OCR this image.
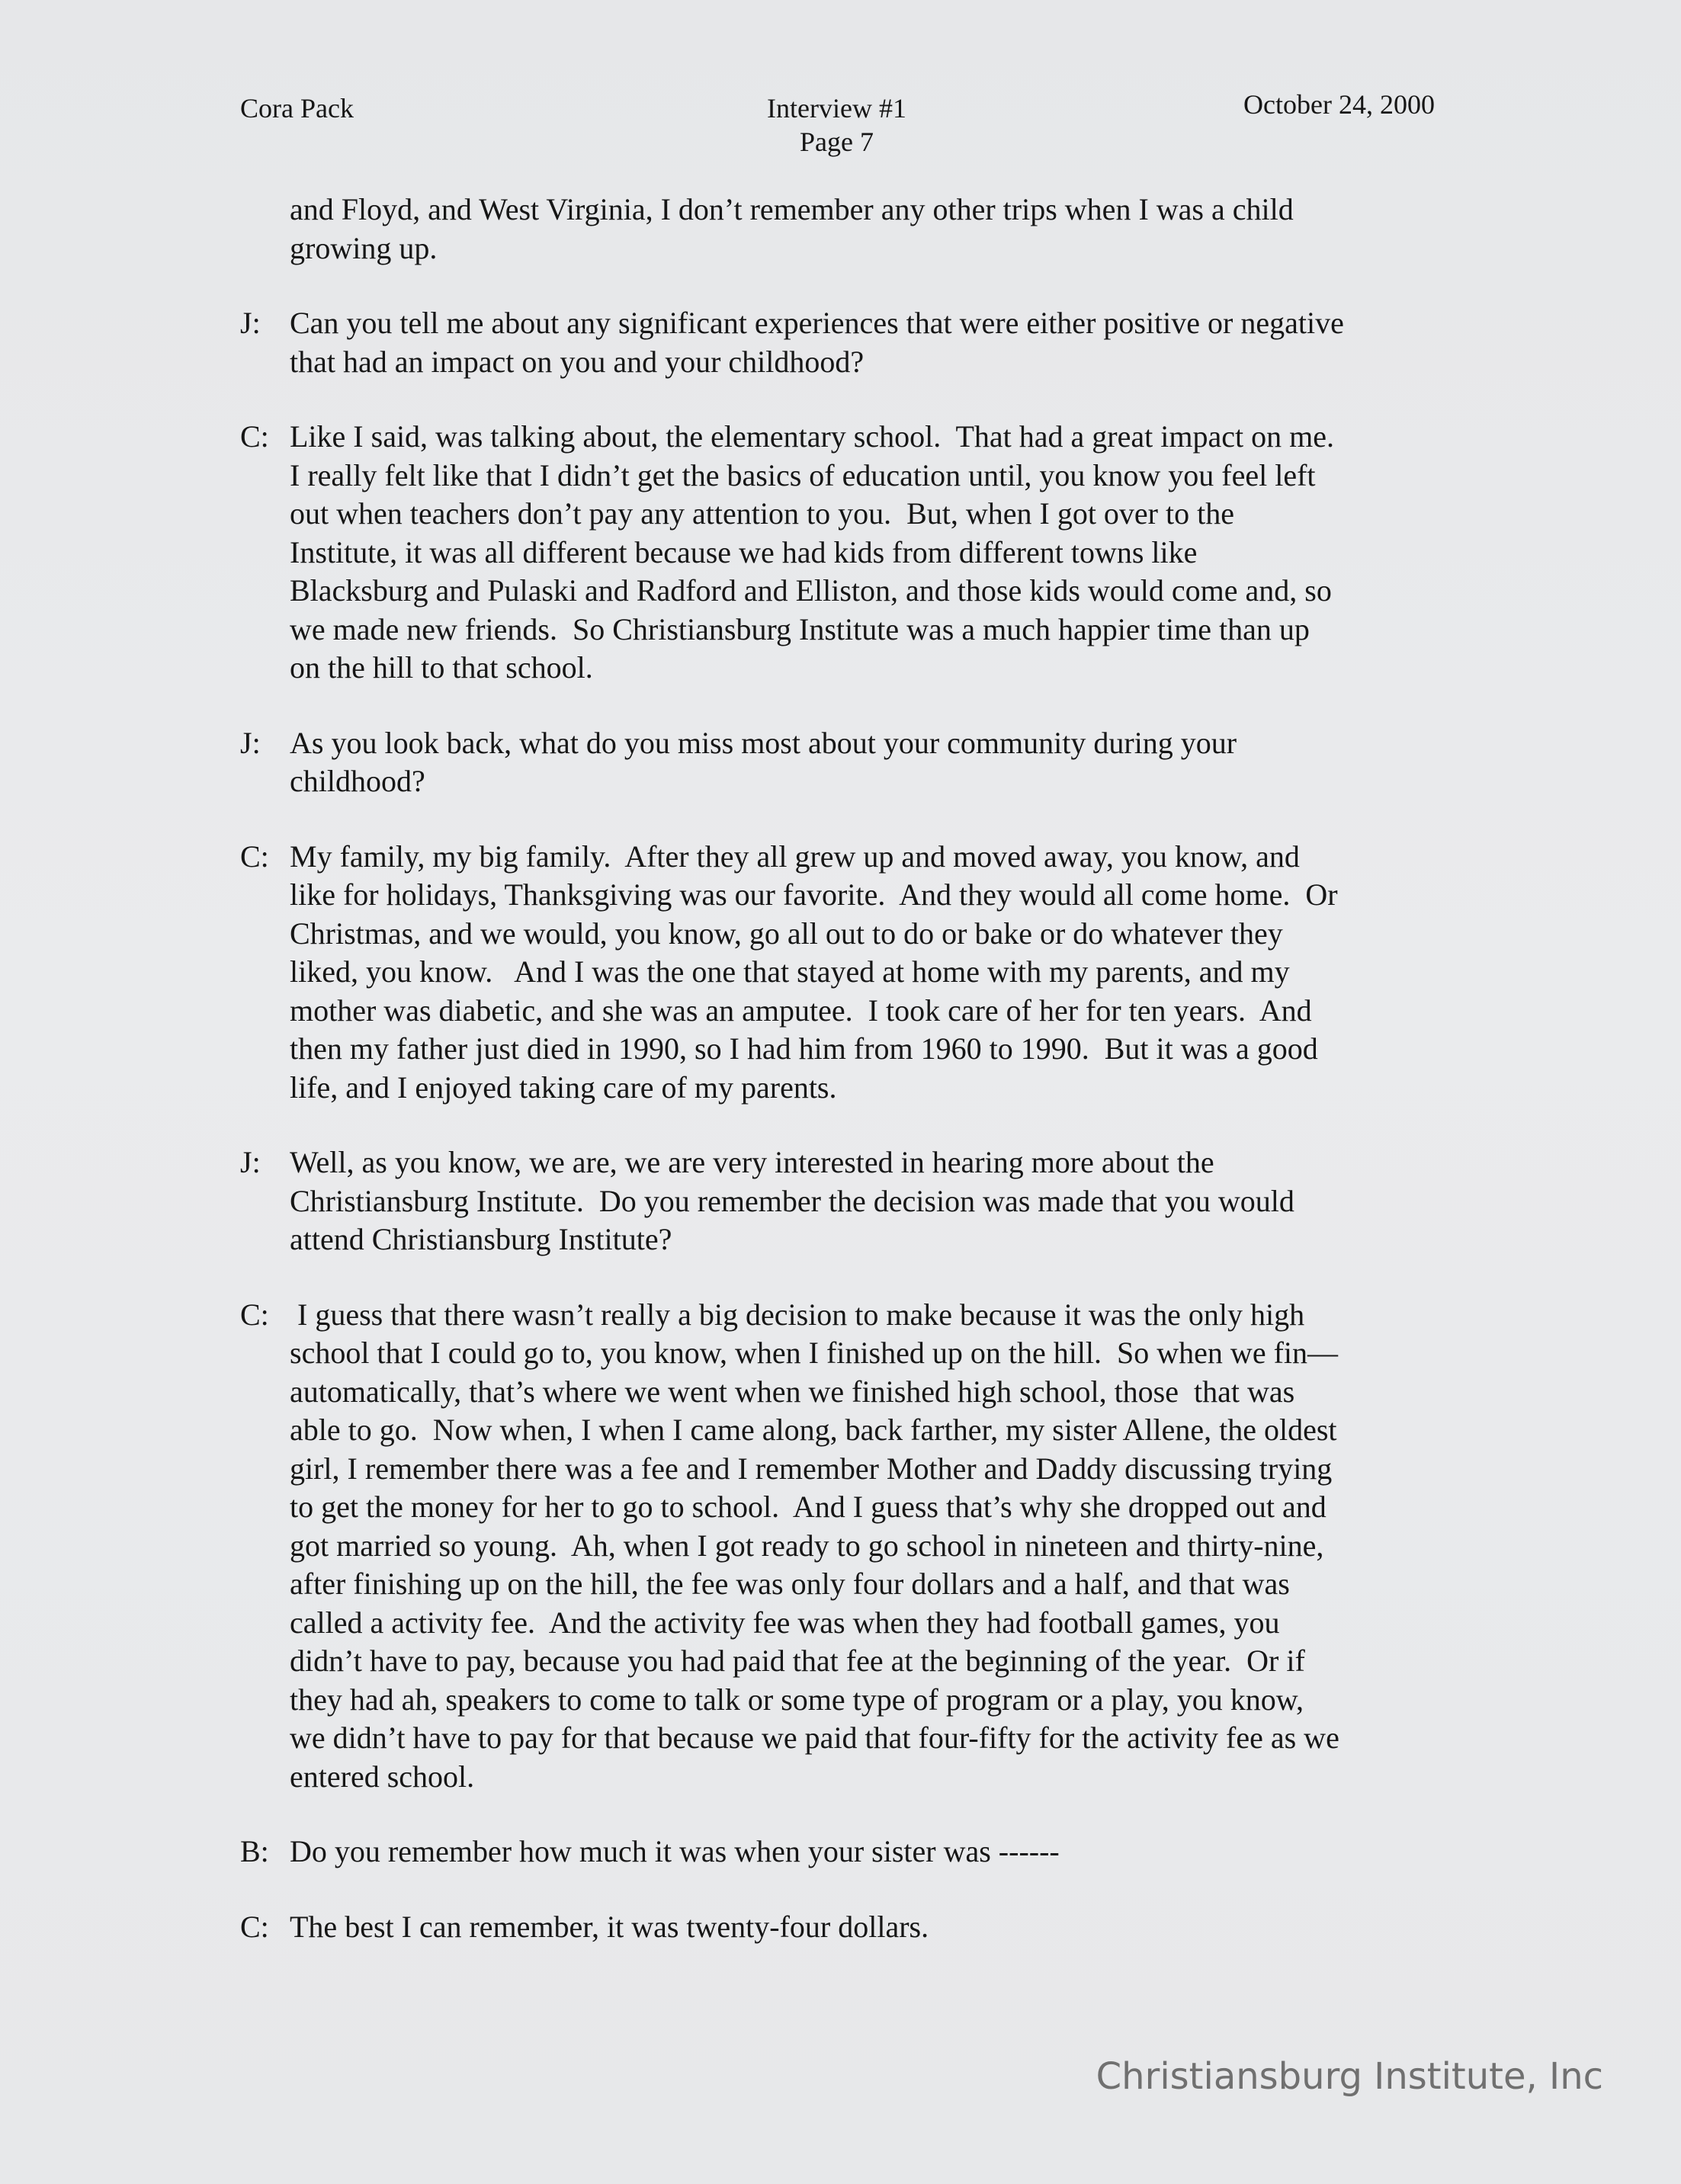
Cora Pack	Interview #1
Page 7
October 24, 2000

and Floyd, and West Virginia, I don’t remember any other trips when I was a child
growing up.

J: Can you tell me about any significant experiences that were either positive or negative
that had an impact on you and your childhood?

C: Like I said, was talking about, the elementary school.  That had a great impact on me.
I really felt like that I didn’t get the basics of education until, you know you feel left
out when teachers don’t pay any attention to you.  But, when I got over to the
Institute, it was all different because we had kids from different towns like
Blacksburg and Pulaski and Radford and Elliston, and those kids would come and, so
we made new friends.  So Christiansburg Institute was a much happier time than up
on the hill to that school.

J: As you look back, what do you miss most about your community during your
childhood?

C: My family, my big family.  After they all grew up and moved away, you know, and
like for holidays, Thanksgiving was our favorite.  And they would all come home.  Or
Christmas, and we would, you know, go all out to do or bake or do whatever they
liked, you know.   And I was the one that stayed at home with my parents, and my
mother was diabetic, and she was an amputee.  I took care of her for ten years.  And
then my father just died in 1990, so I had him from 1960 to 1990.  But it was a good
life, and I enjoyed taking care of my parents.

J: Well, as you know, we are, we are very interested in hearing more about the
Christiansburg Institute.  Do you remember the decision was made that you would
attend Christiansburg Institute?

C: I guess that there wasn’t really a big decision to make because it was the only high
school that I could go to, you know, when I finished up on the hill.  So when we fin—
automatically, that’s where we went when we finished high school, those  that was
able to go.  Now when, I when I came along, back farther, my sister Allene, the oldest
girl, I remember there was a fee and I remember Mother and Daddy discussing trying
to get the money for her to go to school.  And I guess that’s why she dropped out and
got married so young.  Ah, when I got ready to go school in nineteen and thirty-nine,
after finishing up on the hill, the fee was only four dollars and a half, and that was
called a activity fee.  And the activity fee was when they had football games, you
didn’t have to pay, because you had paid that fee at the beginning of the year.  Or if
they had ah, speakers to come to talk or some type of program or a play, you know,
we didn’t have to pay for that because we paid that four-fifty for the activity fee as we
entered school.

B: Do you remember how much it was when your sister was ------

C: The best I can remember, it was twenty-four dollars.

Christiansburg Institute, Inc
